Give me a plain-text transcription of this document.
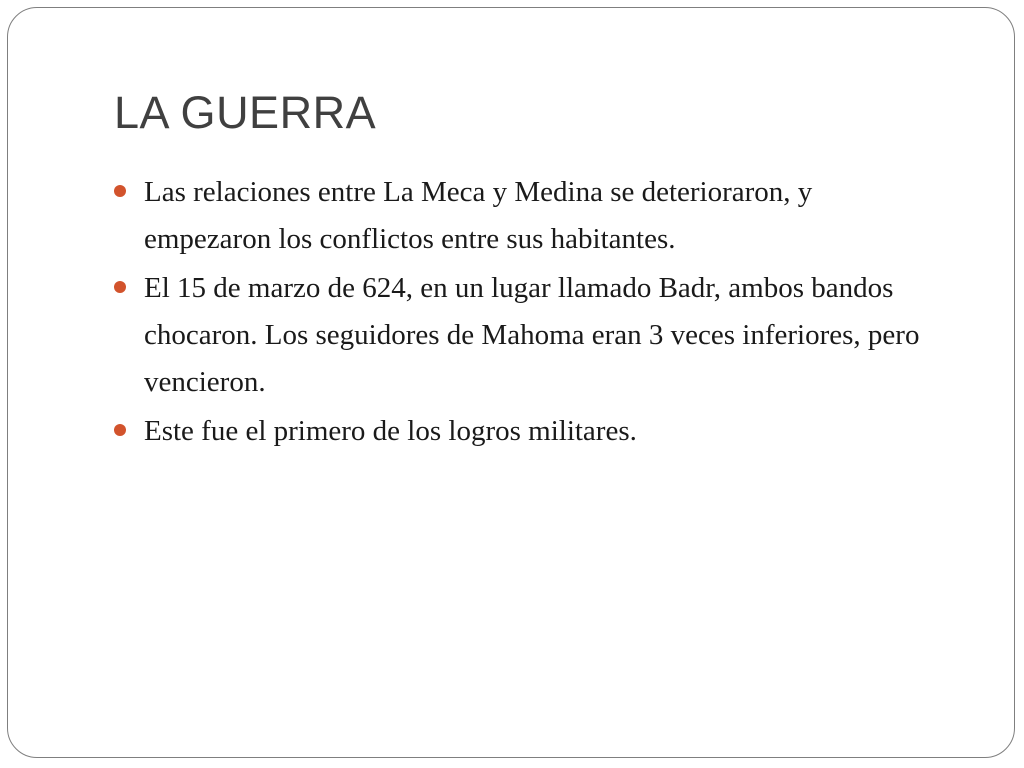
LA GUERRA
Las relaciones entre La Meca y Medina se deterioraron, y empezaron los conflictos entre sus habitantes.
El 15 de marzo de 624, en un lugar llamado Badr, ambos bandos chocaron. Los seguidores de Mahoma eran 3 veces inferiores, pero vencieron.
Este fue el primero de los logros militares.
